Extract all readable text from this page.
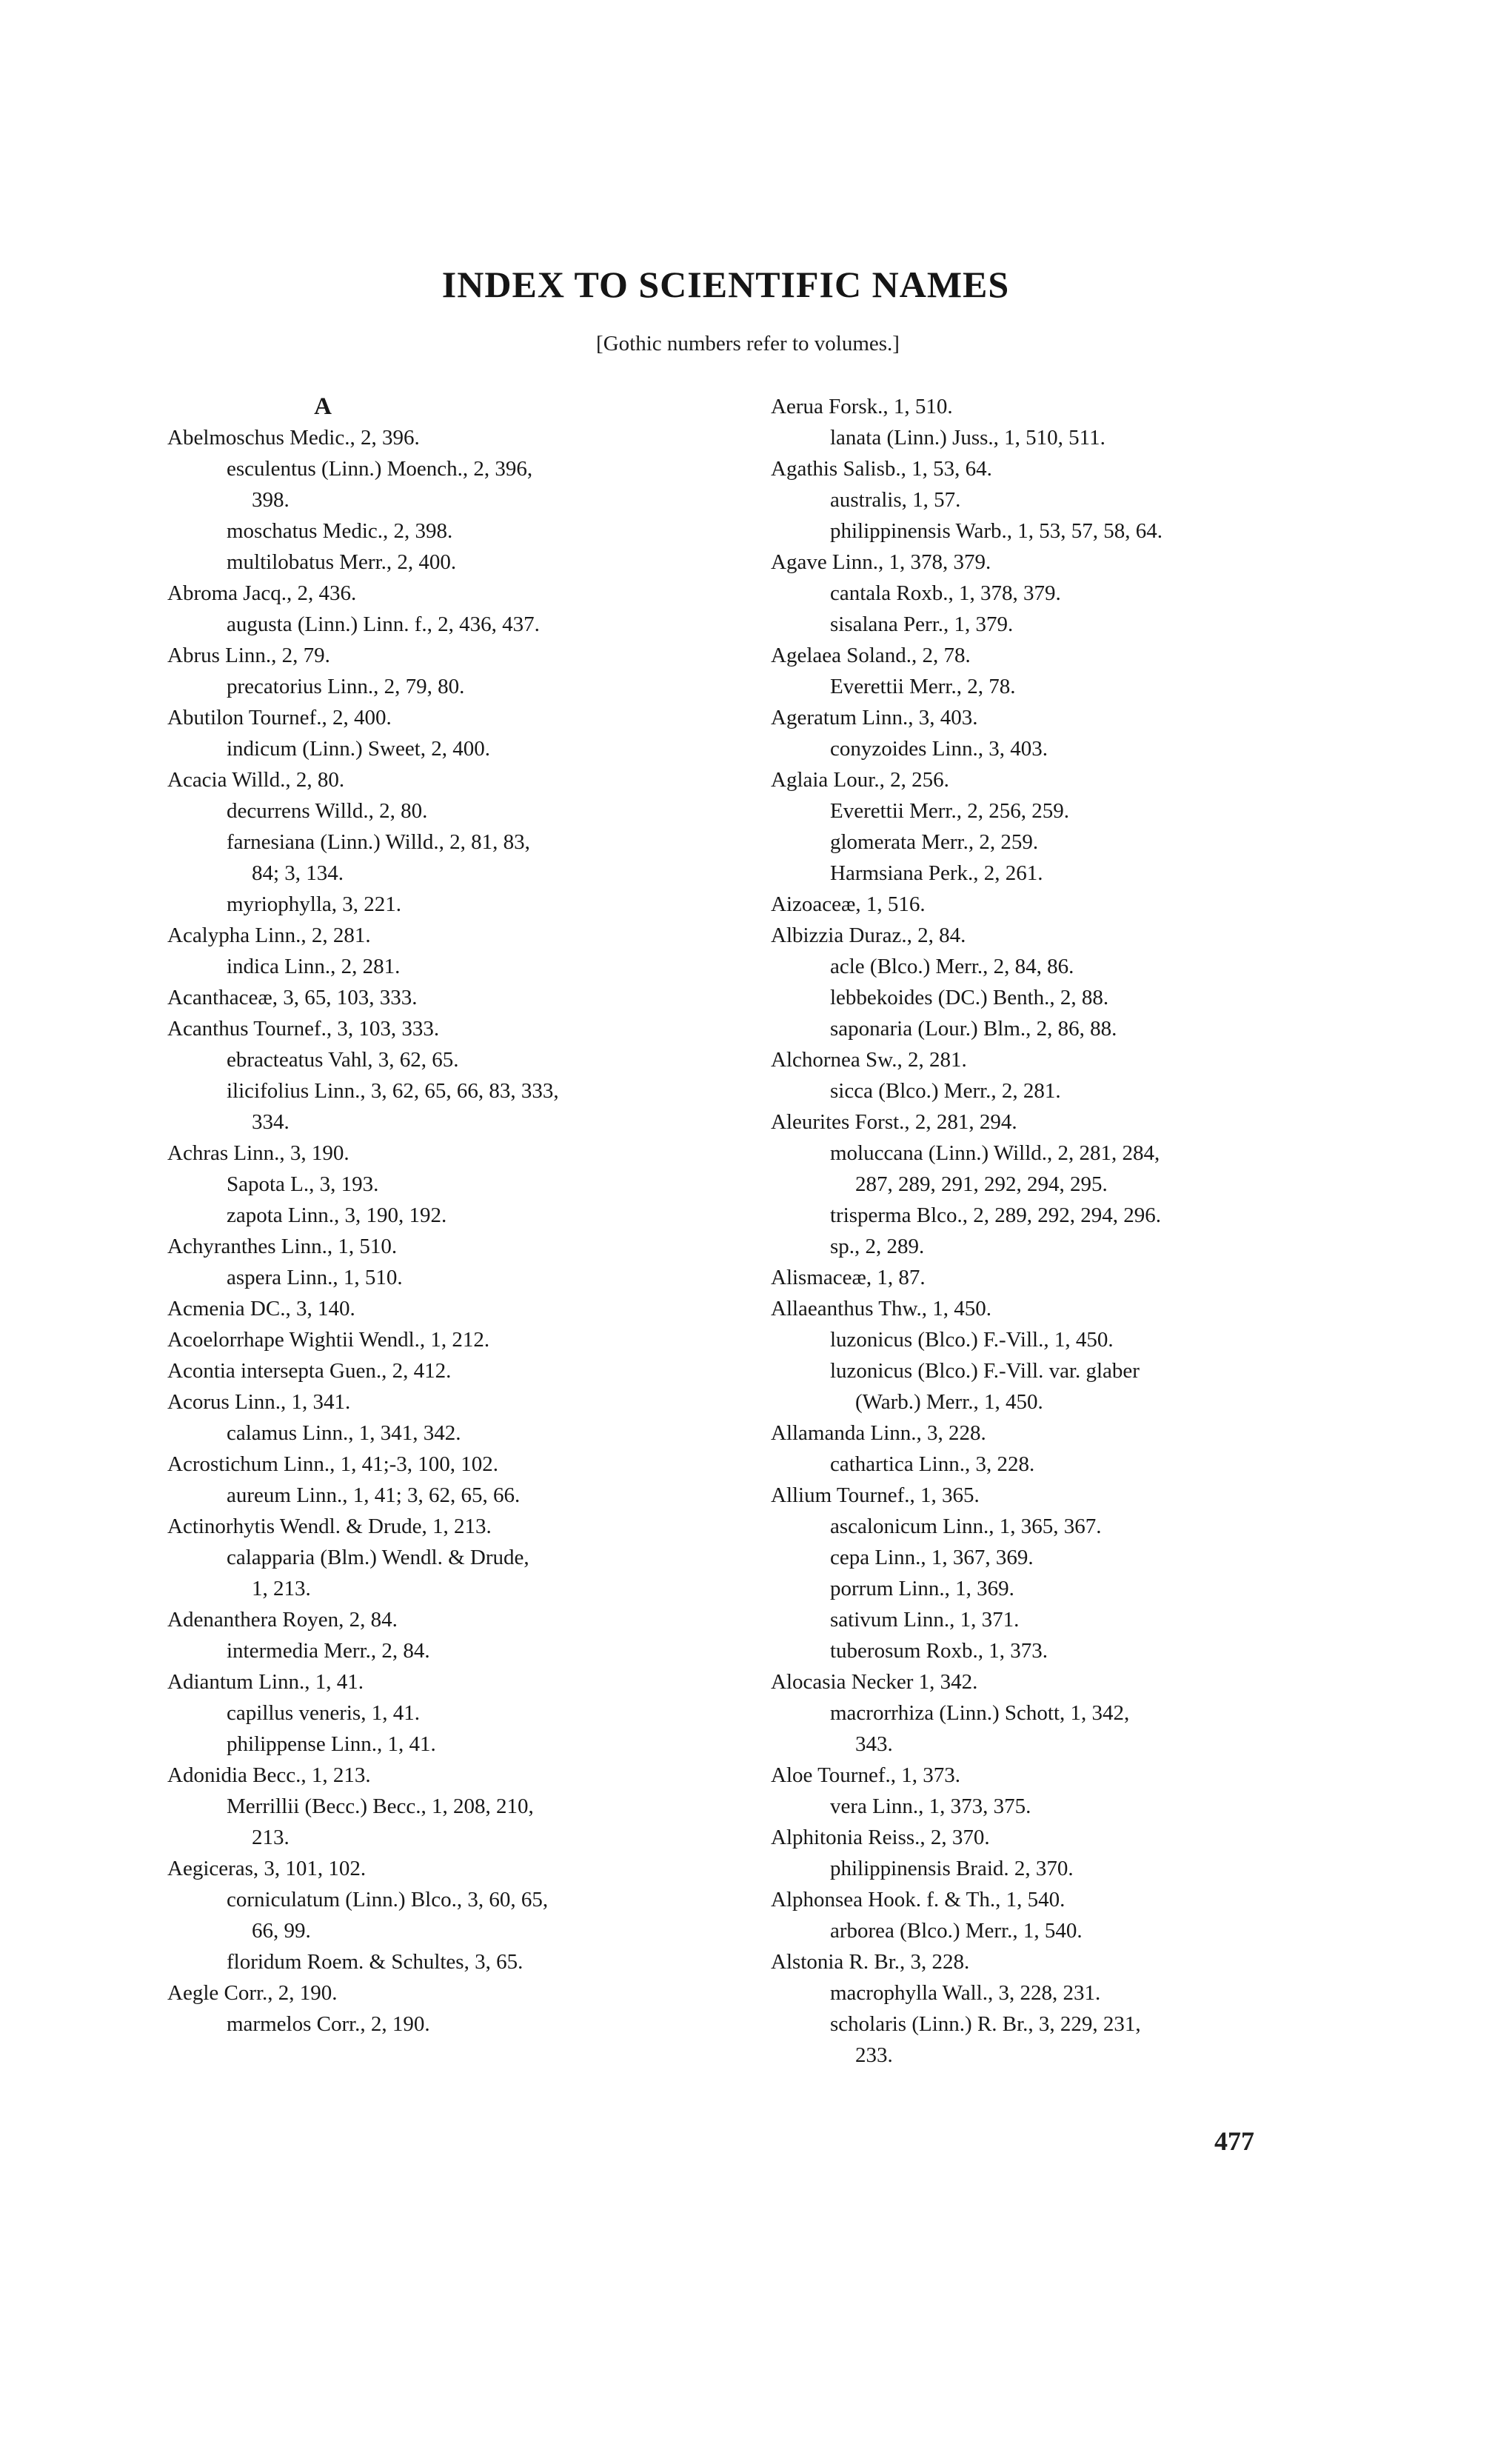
INDEX TO SCIENTIFIC NAMES
[Gothic numbers refer to volumes.]
A
Abelmoschus Medic., 2, 396.
esculentus (Linn.) Moench., 2, 396,
398.
moschatus Medic., 2, 398.
multilobatus Merr., 2, 400.
Abroma Jacq., 2, 436.
augusta (Linn.) Linn. f., 2, 436, 437.
Abrus Linn., 2, 79.
precatorius Linn., 2, 79, 80.
Abutilon Tournef., 2, 400.
indicum (Linn.) Sweet, 2, 400.
Acacia Willd., 2, 80.
decurrens Willd., 2, 80.
farnesiana (Linn.) Willd., 2, 81, 83,
84; 3, 134.
myriophylla, 3, 221.
Acalypha Linn., 2, 281.
indica Linn., 2, 281.
Acanthaceæ, 3, 65, 103, 333.
Acanthus Tournef., 3, 103, 333.
ebracteatus Vahl, 3, 62, 65.
ilicifolius Linn., 3, 62, 65, 66, 83, 333,
334.
Achras Linn., 3, 190.
Sapota L., 3, 193.
zapota Linn., 3, 190, 192.
Achyranthes Linn., 1, 510.
aspera Linn., 1, 510.
Acmenia DC., 3, 140.
Acoelorrhape Wightii Wendl., 1, 212.
Acontia intersepta Guen., 2, 412.
Acorus Linn., 1, 341.
calamus Linn., 1, 341, 342.
Acrostichum Linn., 1, 41;-3, 100, 102.
aureum Linn., 1, 41; 3, 62, 65, 66.
Actinorhytis Wendl. & Drude, 1, 213.
calapparia (Blm.) Wendl. & Drude,
1, 213.
Adenanthera Royen, 2, 84.
intermedia Merr., 2, 84.
Adiantum Linn., 1, 41.
capillus veneris, 1, 41.
philippense Linn., 1, 41.
Adonidia Becc., 1, 213.
Merrillii (Becc.) Becc., 1, 208, 210,
213.
Aegiceras, 3, 101, 102.
corniculatum (Linn.) Blco., 3, 60, 65,
66, 99.
floridum Roem. & Schultes, 3, 65.
Aegle Corr., 2, 190.
marmelos Corr., 2, 190.
Aerua Forsk., 1, 510.
lanata (Linn.) Juss., 1, 510, 511.
Agathis Salisb., 1, 53, 64.
australis, 1, 57.
philippinensis Warb., 1, 53, 57, 58, 64.
Agave Linn., 1, 378, 379.
cantala Roxb., 1, 378, 379.
sisalana Perr., 1, 379.
Agelaea Soland., 2, 78.
Everettii Merr., 2, 78.
Ageratum Linn., 3, 403.
conyzoides Linn., 3, 403.
Aglaia Lour., 2, 256.
Everettii Merr., 2, 256, 259.
glomerata Merr., 2, 259.
Harmsiana Perk., 2, 261.
Aizoaceæ, 1, 516.
Albizzia Duraz., 2, 84.
acle (Blco.) Merr., 2, 84, 86.
lebbekoides (DC.) Benth., 2, 88.
saponaria (Lour.) Blm., 2, 86, 88.
Alchornea Sw., 2, 281.
sicca (Blco.) Merr., 2, 281.
Aleurites Forst., 2, 281, 294.
moluccana (Linn.) Willd., 2, 281, 284,
287, 289, 291, 292, 294, 295.
trisperma Blco., 2, 289, 292, 294, 296.
sp., 2, 289.
Alismaceæ, 1, 87.
Allaeanthus Thw., 1, 450.
luzonicus (Blco.) F.-Vill., 1, 450.
luzonicus (Blco.) F.-Vill. var. glaber
(Warb.) Merr., 1, 450.
Allamanda Linn., 3, 228.
cathartica Linn., 3, 228.
Allium Tournef., 1, 365.
ascalonicum Linn., 1, 365, 367.
cepa Linn., 1, 367, 369.
porrum Linn., 1, 369.
sativum Linn., 1, 371.
tuberosum Roxb., 1, 373.
Alocasia Necker 1, 342.
macrorrhiza (Linn.) Schott, 1, 342,
343.
Aloe Tournef., 1, 373.
vera Linn., 1, 373, 375.
Alphitonia Reiss., 2, 370.
philippinensis Braid. 2, 370.
Alphonsea Hook. f. & Th., 1, 540.
arborea (Blco.) Merr., 1, 540.
Alstonia R. Br., 3, 228.
macrophylla Wall., 3, 228, 231.
scholaris (Linn.) R. Br., 3, 229, 231,
233.
477
